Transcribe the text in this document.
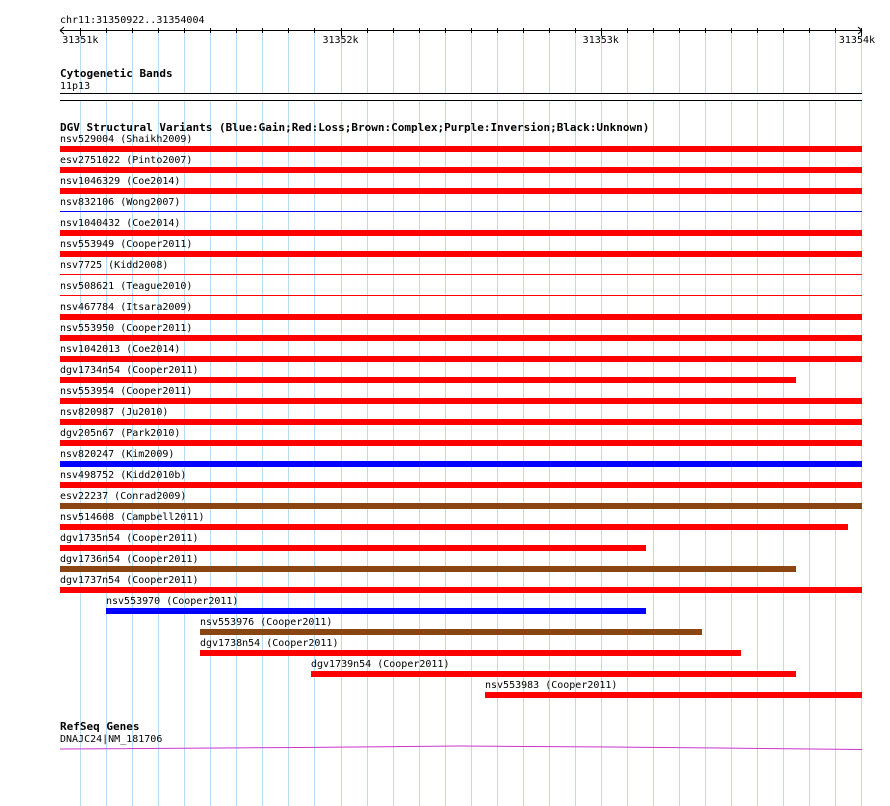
chr11:31350922..31354004
31351k	31352k	31353k	31354k
Cytogenetic Bands
11p13
DGV Structural Variants (Blue:Gain;Red:Loss;Brown:Complex;Purple:Inversion;Black:Unknown)
nsv529004 (Shaikh2009)
esv2751022 (Pinto2007)
nsv1046329 (Coe2014)
nsv832106 (Wong2007)
nsv1040432 (Coe2014)
nsv553949 (Cooper2011)
nsv7725 (Kidd2008)
nsv508621 (Teague2010)
nsv467784 (Itsara2009)
nsv553950 (Cooper2011)
nsv1042013 (Coe2014)
dgv1734n54 (Cooper2011)
nsv553954 (Cooper2011)
nsv820987 (Ju2010)
dgv205n67 (Park2010)
nsv820247 (Kim2009)
nsv498752 (Kidd2010b)
esv22237 (Conrad2009)
nsv514608 (Campbell2011)
dgv1735n54 (Cooper2011)
dgv1736n54 (Cooper2011)
dgv1737n54 (Cooper2011)
nsv553970 (Cooper2011)
nsv553976 (Cooper2011)
dgv1738n54 (Cooper2011)
dgv1739n54 (Cooper2011)
nsv553983 (Cooper2011)
RefSeq Genes
DNAJC24|NM_181706
